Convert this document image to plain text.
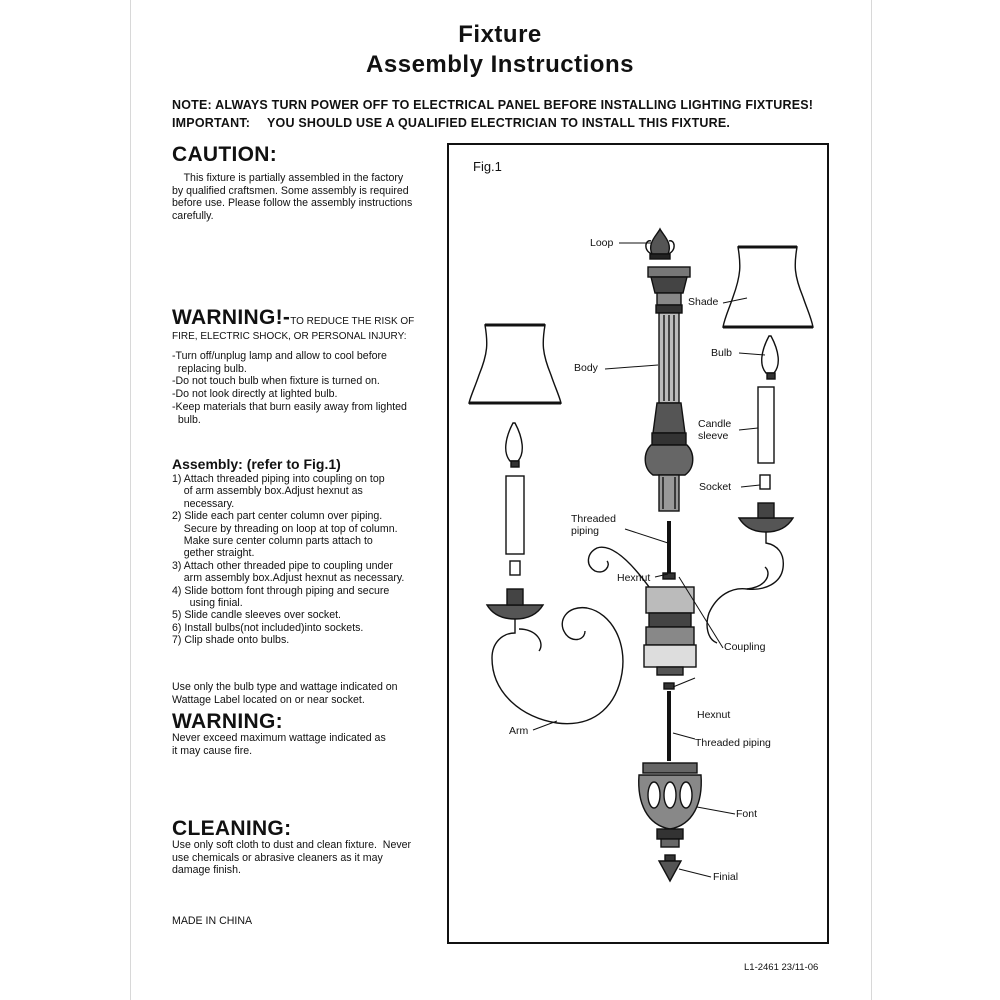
Fixture
Assembly Instructions
NOTE: ALWAYS TURN POWER OFF TO ELECTRICAL PANEL BEFORE INSTALLING LIGHTING FIXTURES!
IMPORTANT: YOU SHOULD USE A QUALIFIED ELECTRICIAN TO INSTALL THIS FIXTURE.
CAUTION:
This fixture is partially assembled in the factory
by qualified craftsmen. Some assembly is required
before use. Please follow the assembly instructions
carefully.
WARNING!-TO REDUCE THE RISK OF
FIRE, ELECTRIC SHOCK, OR PERSONAL INJURY:
-Turn off/unplug lamp and allow to cool before
replacing bulb.
-Do not touch bulb when fixture is turned on.
-Do not look directly at lighted bulb.
-Keep materials that burn easily away from lighted
bulb.
Assembly: (refer to Fig.1)
1) Attach threaded piping into coupling on top
of arm assembly box.Adjust hexnut as
necessary.
2) Slide each part center column over piping.
Secure by threading on loop at top of column.
Make sure center column parts attach to
gether straight.
3) Attach other threaded pipe to coupling under
arm assembly box.Adjust hexnut as necessary.
4) Slide bottom font through piping and secure
using finial.
5) Slide candle sleeves over socket.
6) Install bulbs(not included)into sockets.
7) Clip shade onto bulbs.
Use only the bulb type and wattage indicated on
Wattage Label located on or near socket.
WARNING:
Never exceed maximum wattage indicated as
it may cause fire.
CLEANING:
Use only soft cloth to dust and clean fixture.  Never
use chemicals or abrasive cleaners as it may
damage finish.
MADE IN CHINA
Fig.1
Loop
Shade
Body
Bulb
Candle
sleeve
Socket
Threaded
piping
Hexnut
Coupling
Hexnut
Arm
Threaded piping
Font
Finial
L1-2461 23/11-06
